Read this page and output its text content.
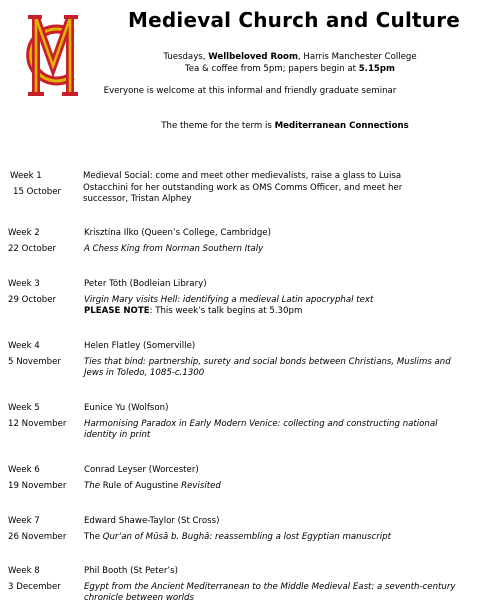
Medieval Church and Culture
Tuesdays, Wellbeloved Room, Harris Manchester College
Tea & coffee from 5pm; papers begin at 5.15pm
Everyone is welcome at this informal and friendly graduate seminar
The theme for the term is Mediterranean Connections
Week 1
15 October
Medieval Social: come and meet other medievalists, raise a glass to Luisa Ostacchini for her outstanding work as OMS Comms Officer, and meet her successor, Tristan Alphey
Week 2
22 October
Krisztina Ilko (Queen’s College, Cambridge)
A Chess King from Norman Southern Italy
Week 3
29 October
Peter Tóth (Bodleian Library)
Virgin Mary visits Hell: identifying a medieval Latin apocryphal text
PLEASE NOTE: This week’s talk begins at 5.30pm
Week 4
5 November
Helen Flatley (Somerville)
Ties that bind: partnership, surety and social bonds between Christians, Muslims and
Jews in Toledo, 1085-c.1300
Week 5
12 November
Eunice Yu (Wolfson)
Harmonising Paradox in Early Modern Venice: collecting and constructing national
identity in print
Week 6
19 November
Conrad Leyser (Worcester)
The Rule of Augustine Revisited
Week 7
26 November
Edward Shawe-Taylor (St Cross)
The Qur’an of Mūsā b. Bughā: reassembling a lost Egyptian manuscript
Week 8
3 December
Phil Booth (St Peter’s)
Egypt from the Ancient Mediterranean to the Middle Medieval East: a seventh-century
chronicle between worlds
